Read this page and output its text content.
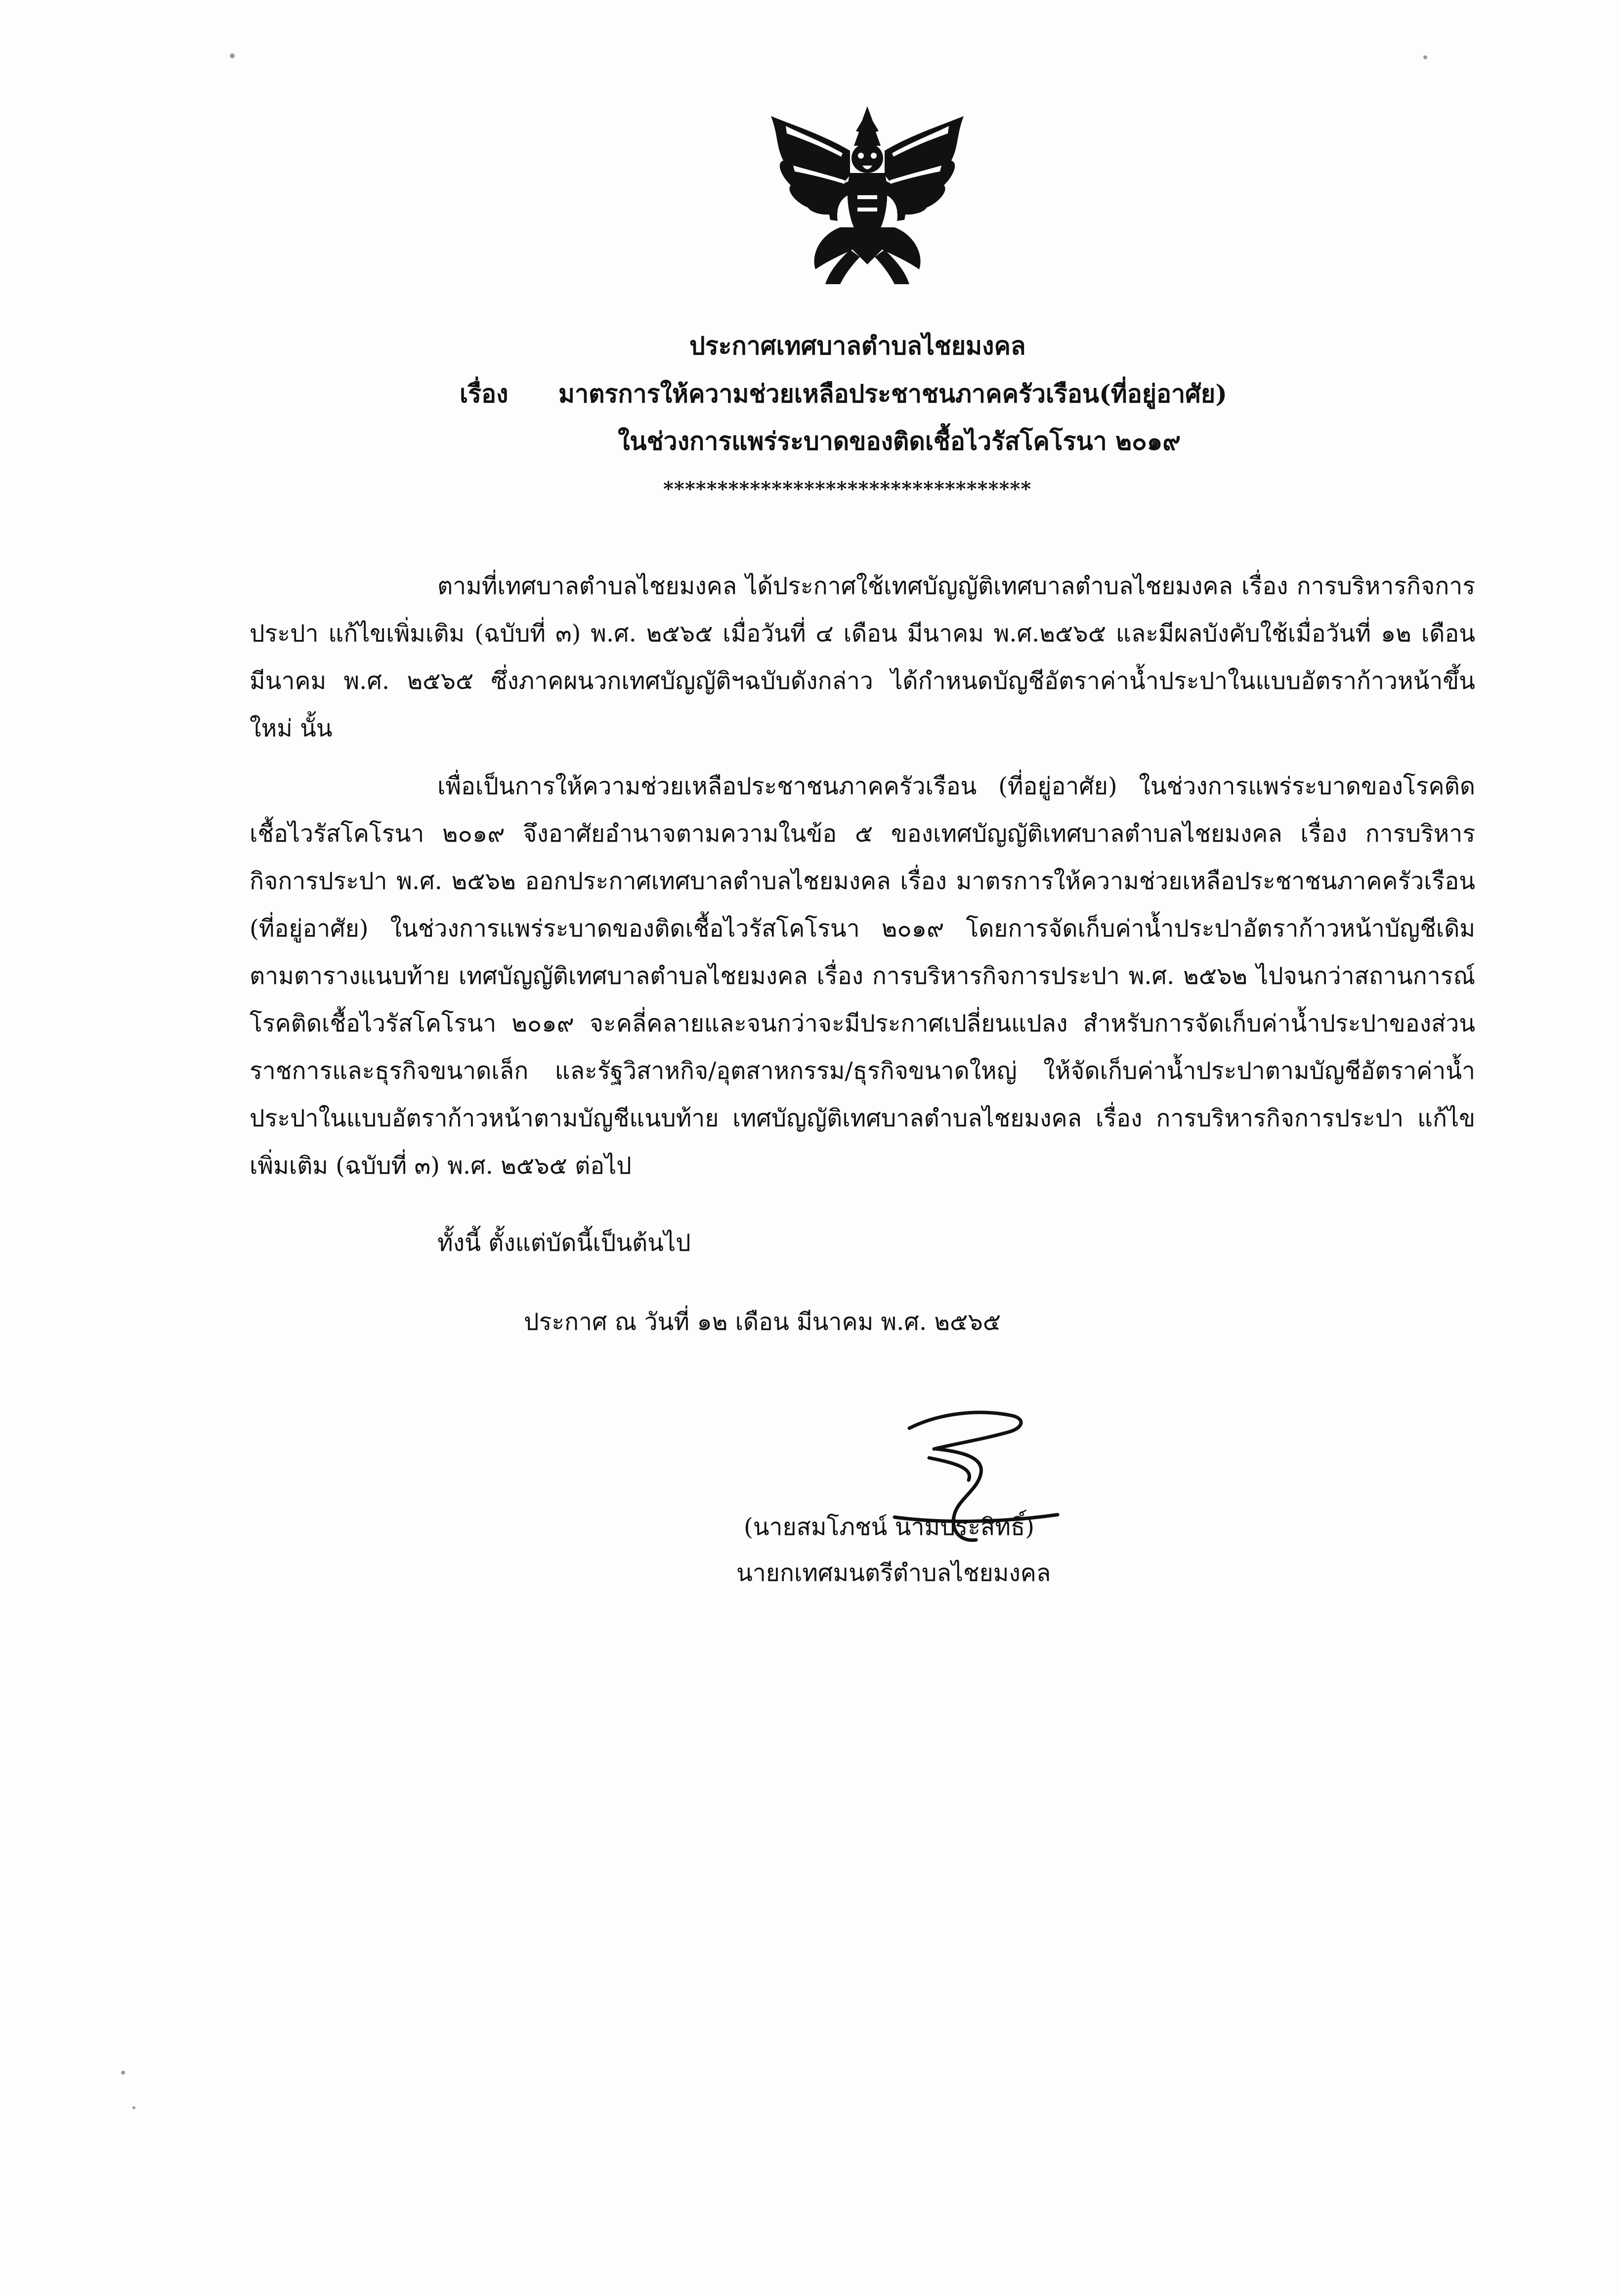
ประกาศเทศบาลตำบลไชยมงคล
เรื่อง มาตรการให้ความช่วยเหลือประชาชนภาคครัวเรือน(ที่อยู่อาศัย)
ในช่วงการแพร่ระบาดของติดเชื้อไวรัสโคโรนา ๒๐๑๙
**********************************

ตามที่เทศบาลตำบลไชยมงคล ได้ประกาศใช้เทศบัญญัติเทศบาลตำบลไชยมงคล เรื่อง การบริหารกิจการประปา แก้ไขเพิ่มเติม (ฉบับที่ ๓) พ.ศ. ๒๕๖๕ เมื่อวันที่ ๔ เดือน มีนาคม พ.ศ.๒๕๖๕ และมีผลบังคับใช้เมื่อวันที่ ๑๒ เดือน มีนาคม พ.ศ. ๒๕๖๕ ซึ่งภาคผนวกเทศบัญญัติฯฉบับดังกล่าว ได้กำหนดบัญชีอัตราค่าน้ำประปาในแบบอัตราก้าวหน้าขึ้นใหม่ นั้น

เพื่อเป็นการให้ความช่วยเหลือประชาชนภาคครัวเรือน (ที่อยู่อาศัย) ในช่วงการแพร่ระบาดของโรคติดเชื้อไวรัสโคโรนา ๒๐๑๙ จึงอาศัยอำนาจตามความในข้อ ๕ ของเทศบัญญัติเทศบาลตำบลไชยมงคล เรื่อง การบริหารกิจการประปา พ.ศ. ๒๕๖๒ ออกประกาศเทศบาลตำบลไชยมงคล เรื่อง มาตรการให้ความช่วยเหลือประชาชนภาคครัวเรือน (ที่อยู่อาศัย) ในช่วงการแพร่ระบาดของติดเชื้อไวรัสโคโรนา ๒๐๑๙ โดยการจัดเก็บค่าน้ำประปาอัตราก้าวหน้าบัญชีเดิมตามตารางแนบท้าย เทศบัญญัติเทศบาลตำบลไชยมงคล เรื่อง การบริหารกิจการประปา พ.ศ. ๒๕๖๒ ไปจนกว่าสถานการณ์โรคติดเชื้อไวรัสโคโรนา ๒๐๑๙ จะคลี่คลายและจนกว่าจะมีประกาศเปลี่ยนแปลง สำหรับการจัดเก็บค่าน้ำประปาของส่วนราชการและธุรกิจขนาดเล็ก และรัฐวิสาหกิจ/อุตสาหกรรม/ธุรกิจขนาดใหญ่ ให้จัดเก็บค่าน้ำประปาตามบัญชีอัตราค่าน้ำประปาในแบบอัตราก้าวหน้าตามบัญชีแนบท้าย เทศบัญญัติเทศบาลตำบลไชยมงคล เรื่อง การบริหารกิจการประปา แก้ไขเพิ่มเติม (ฉบับที่ ๓) พ.ศ. ๒๕๖๕ ต่อไป

ทั้งนี้ ตั้งแต่บัดนี้เป็นต้นไป
ประกาศ ณ วันที่ ๑๒ เดือน มีนาคม พ.ศ. ๒๕๖๕
(นายสมโภชน์ นามประสิทธิ์)
นายกเทศมนตรีตำบลไชยมงคล
